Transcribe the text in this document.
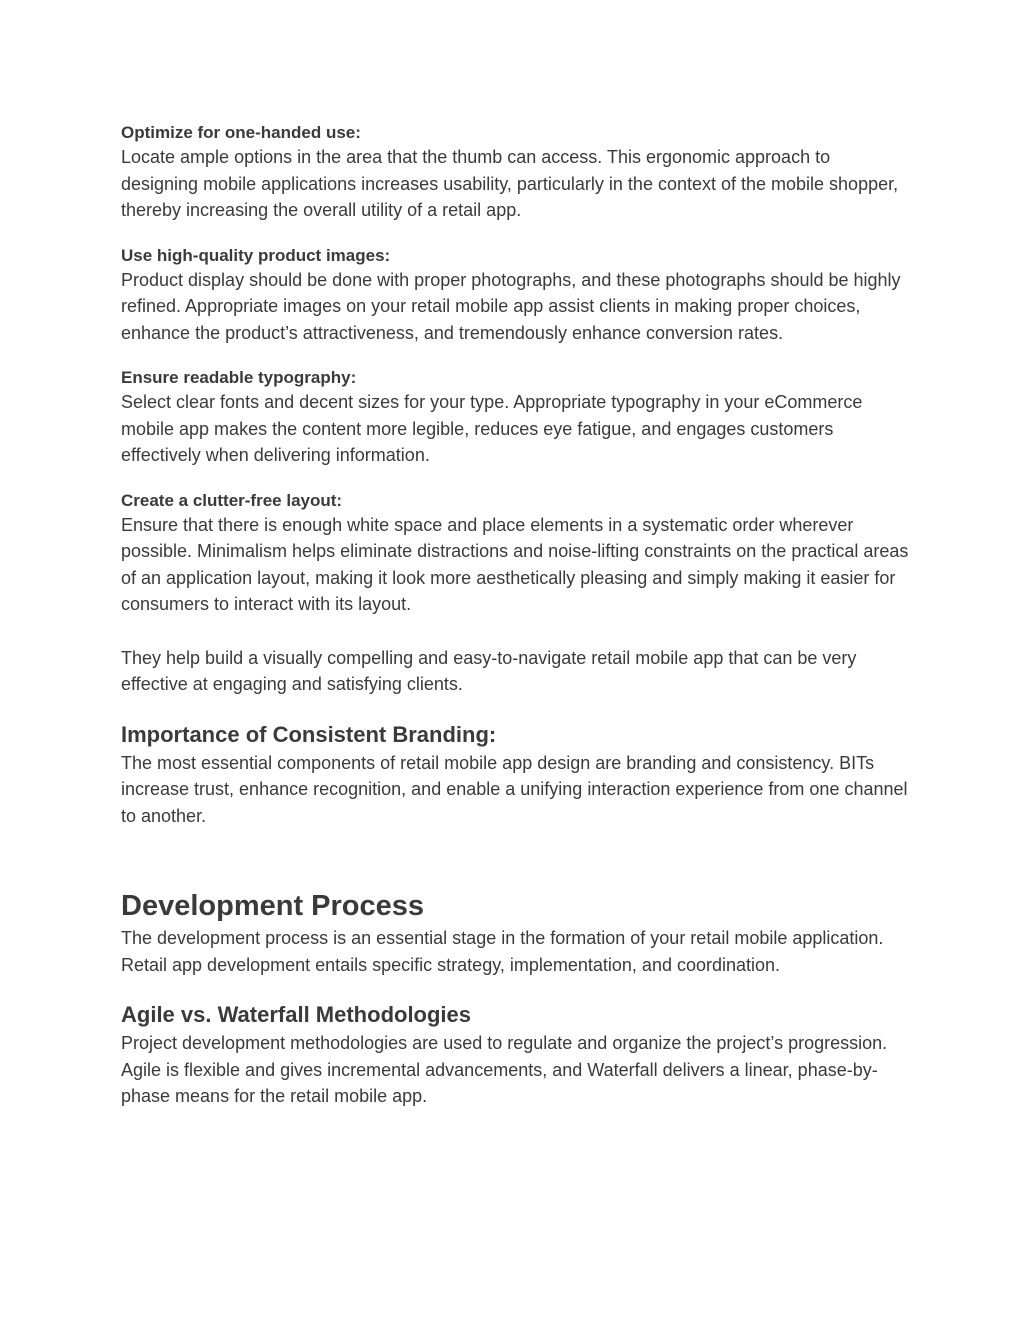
Optimize for one-handed use:

Locate ample options in the area that the thumb can access. This ergonomic approach to designing mobile applications increases usability, particularly in the context of the mobile shopper, thereby increasing the overall utility of a retail app.

Use high-quality product images:

Product display should be done with proper photographs, and these photographs should be highly refined. Appropriate images on your retail mobile app assist clients in making proper choices, enhance the product’s attractiveness, and tremendously enhance conversion rates.

Ensure readable typography:

Select clear fonts and decent sizes for your type. Appropriate typography in your eCommerce mobile app makes the content more legible, reduces eye fatigue, and engages customers effectively when delivering information.

Create a clutter-free layout:

Ensure that there is enough white space and place elements in a systematic order wherever possible. Minimalism helps eliminate distractions and noise-lifting constraints on the practical areas of an application layout, making it look more aesthetically pleasing and simply making it easier for consumers to interact with its layout.

They help build a visually compelling and easy-to-navigate retail mobile app that can be very effective at engaging and satisfying clients.

Importance of Consistent Branding:

The most essential components of retail mobile app design are branding and consistency. BITs increase trust, enhance recognition, and enable a unifying interaction experience from one channel to another.

Development Process

The development process is an essential stage in the formation of your retail mobile application. Retail app development entails specific strategy, implementation, and coordination.

Agile vs. Waterfall Methodologies

Project development methodologies are used to regulate and organize the project’s progression. Agile is flexible and gives incremental advancements, and Waterfall delivers a linear, phase-by-phase means for the retail mobile app.
